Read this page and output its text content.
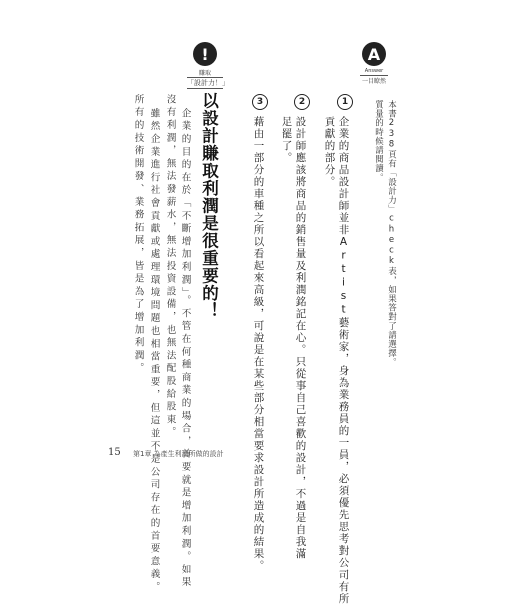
A
Answer
一目瞭然
!
賺取
「設計力！」
本書238頁有「設計力」check表，如果答對了請選擇。
質量的時候請閱讀。
1
企業的商品設計師並非Artist藝術家，身為業務員的一員，必須優先思考對公司有所
貢獻的部分。
2
設計師應該將商品的銷售量及利潤銘記在心。只從事自己喜歡的設計，不過是自我滿
足罷了。
3
藉由一部分的車種之所以看起來高級，可說是在某些部分相當要求設計所造成的結果。
以設計賺取利潤是很重要的！
企業的目的在於「不斷增加利潤」。不管在何種商業的場合，首要就是增加利潤。如果
沒有利潤，無法發薪水，無法投資設備，也無法配股給股東。
雖然企業進行社會貢獻或處理環境問題也相當重要，但這並不是公司存在的首要意義。
所有的技術開發、業務拓展，皆是為了增加利潤。
15 第1章 為產生利潤所做的設計
